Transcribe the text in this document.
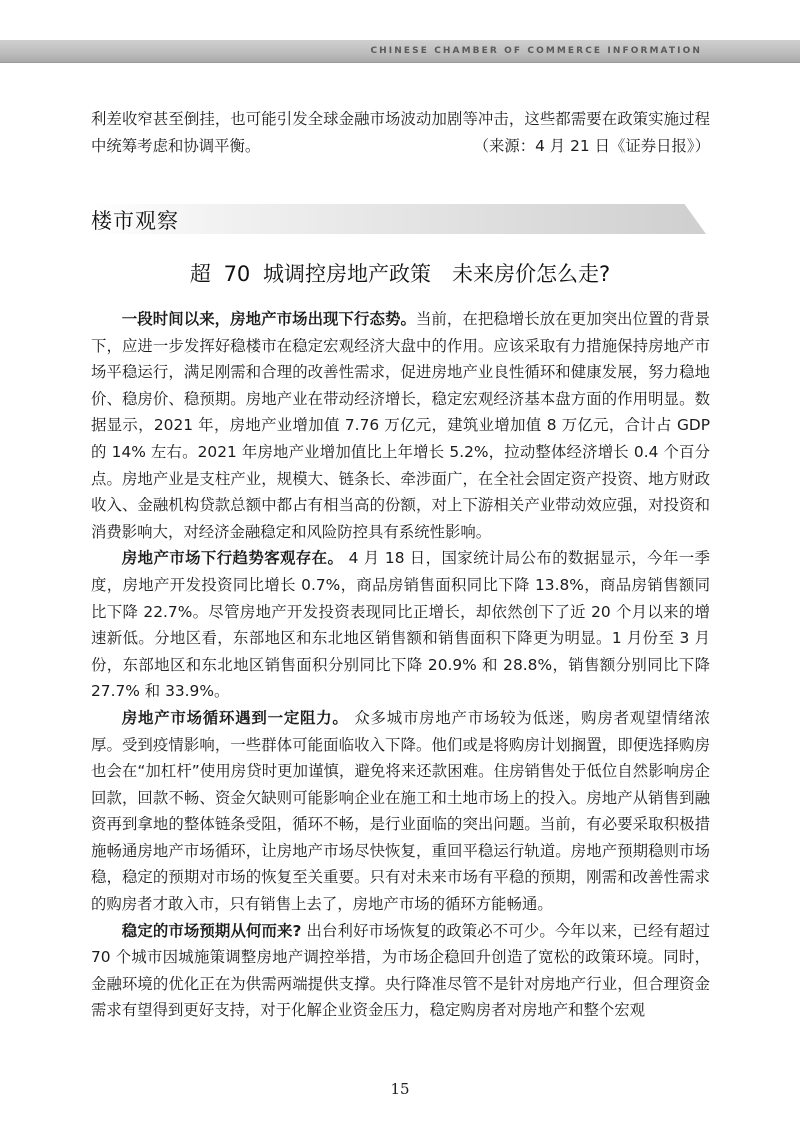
CHINESE CHAMBER OF COMMERCE INFORMATION
利差收窄甚至倒挂，也可能引发全球金融市场波动加剧等冲击，这些都需要在政策实施过程中统筹考虑和协调平衡。	（来源：4 月 21 日《证券日报》）
楼市观察
超 70 城调控房地产政策　未来房价怎么走?

一段时间以来，房地产市场出现下行态势。当前，在把稳增长放在更加突出位置的背景下，应进一步发挥好稳楼市在稳定宏观经济大盘中的作用。应该采取有力措施保持房地产市场平稳运行，满足刚需和合理的改善性需求，促进房地产业良性循环和健康发展，努力稳地价、稳房价、稳预期。房地产业在带动经济增长，稳定宏观经济基本盘方面的作用明显。数据显示，2021 年，房地产业增加值 7.76 万亿元，建筑业增加值 8 万亿元，合计占 GDP 的 14% 左右。2021 年房地产业增加值比上年增长 5.2%，拉动整体经济增长 0.4 个百分点。房地产业是支柱产业，规模大、链条长、牵涉面广，在全社会固定资产投资、地方财政收入、金融机构贷款总额中都占有相当高的份额，对上下游相关产业带动效应强，对投资和消费影响大，对经济金融稳定和风险防控具有系统性影响。

房地产市场下行趋势客观存在。 4 月 18 日，国家统计局公布的数据显示，今年一季度，房地产开发投资同比增长 0.7%，商品房销售面积同比下降 13.8%，商品房销售额同比下降 22.7%。尽管房地产开发投资表现同比正增长，却依然创下了近 20 个月以来的增速新低。分地区看，东部地区和东北地区销售额和销售面积下降更为明显。1 月份至 3 月份，东部地区和东北地区销售面积分别同比下降 20.9% 和 28.8%，销售额分别同比下降 27.7% 和 33.9%。

房地产市场循环遇到一定阻力。 众多城市房地产市场较为低迷，购房者观望情绪浓厚。受到疫情影响，一些群体可能面临收入下降。他们或是将购房计划搁置，即便选择购房也会在“加杠杆”使用房贷时更加谨慎，避免将来还款困难。住房销售处于低位自然影响房企回款，回款不畅、资金欠缺则可能影响企业在施工和土地市场上的投入。房地产从销售到融资再到拿地的整体链条受阻，循环不畅，是行业面临的突出问题。当前，有必要采取积极措施畅通房地产市场循环，让房地产市场尽快恢复，重回平稳运行轨道。房地产预期稳则市场稳，稳定的预期对市场的恢复至关重要。只有对未来市场有平稳的预期，刚需和改善性需求的购房者才敢入市，只有销售上去了，房地产市场的循环方能畅通。

稳定的市场预期从何而来? 出台利好市场恢复的政策必不可少。今年以来，已经有超过 70 个城市因城施策调整房地产调控举措，为市场企稳回升创造了宽松的政策环境。同时，金融环境的优化正在为供需两端提供支撑。央行降准尽管不是针对房地产行业，但合理资金需求有望得到更好支持，对于化解企业资金压力，稳定购房者对房地产和整个宏观

15
